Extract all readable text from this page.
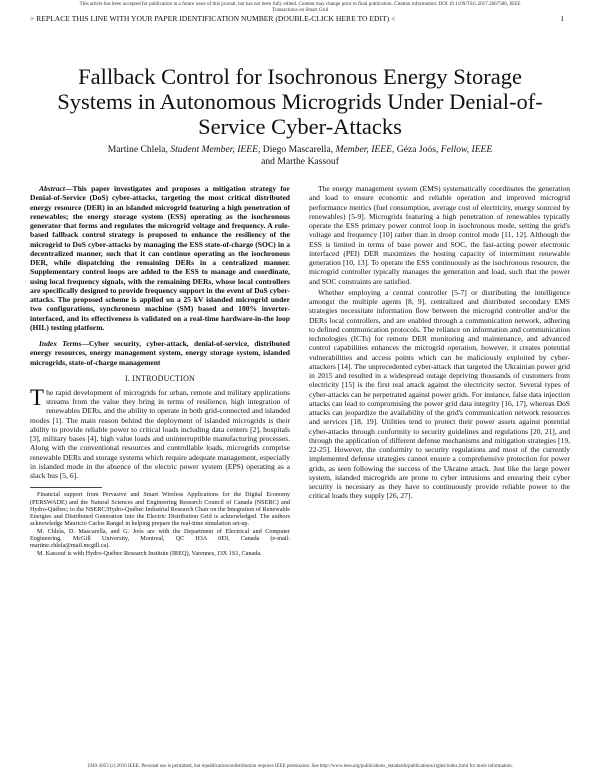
This article has been accepted for publication in a future issue of this journal, but has not been fully edited. Content may change prior to final publication. Citation information: DOI 10.1109/TSG.2017.2667586, IEEE
Transactions on Smart Grid
> REPLACE THIS LINE WITH YOUR PAPER IDENTIFICATION NUMBER (DOUBLE-CLICK HERE TO EDIT) <	1
Fallback Control for Isochronous Energy Storage Systems in Autonomous Microgrids Under Denial-of-Service Cyber-Attacks
Martine Chlela, Student Member, IEEE, Diego Mascarella, Member, IEEE, Géza Joós, Fellow, IEEE
and Marthe Kassouf

Abstract—This paper investigates and proposes a mitigation strategy for Denial-of-Service (DoS) cyber-attacks, targeting the most critical distributed energy resource (DER) in an islanded microgrid featuring a high penetration of renewables; the energy storage system (ESS) operating as the isochronous generator that forms and regulates the microgrid voltage and frequency. A rule-based fallback control strategy is proposed to enhance the resiliency of the microgrid to DoS cyber-attacks by managing the ESS state-of-charge (SOC) in a decentralized manner, such that it can continue operating as the isochronous DER, while dispatching the remaining DERs in a centralized manner. Supplementary control loops are added to the ESS to manage and coordinate, using local frequency signals, with the remaining DERs, whose local controllers are specifically designed to provide frequency support in the event of DoS cyber-attacks. The proposed scheme is applied on a 25 kV islanded microgrid under two configurations, synchronous machine (SM) based and 100% inverter-interfaced, and its effectiveness is validated on a real-time hardware-in-the loop (HIL) testing platform.

Index Terms—Cyber security, cyber-attack, denial-of-service, distributed energy resources, energy management system, energy storage system, islanded microgrids, state-of-charge management

I. INTRODUCTION

The rapid development of microgrids for urban, remote and military applications streams from the value they bring in terms of resilience, high integration of renewables DERs, and the ability to operate in both grid-connected and islanded modes [1]. The main reason behind the deployment of islanded microgrids is their ability to provide reliable power to critical loads including data centers [2], hospitals [3], military bases [4], high value loads and uninterruptible manufacturing processes. Along with the conventional resources and controllable loads, microgrids comprise renewable DERs and storage systems which require adequate management, especially in islanded mode in the absence of the electric power system (EPS) operating as a slack bus [5, 6].

Financial support from Pervasive and Smart Wireless Applications for the Digital Economy (PERSWADE) and the Natural Sciences and Engineering Research Council of Canada (NSERC) and Hydro-Québec; to the NSERC/Hydro-Québec Industrial Research Chair on the Integration of Renewable Energies and Distributed Generation into the Electric Distribution Grid is acknowledged. The authors acknowledge Mauricio Carlos Rangel in helping prepare the real-time simulation set-up.

M. Chlela, D. Mascarella, and G. Joós are with the Department of Electrical and Computer Engineering, McGill University, Montreal, QC H3A 0E9, Canada (e-mail: martine.chlela@mail.mcgill.ca).

M. Kassouf is with Hydro-Québec Research Institute (IREQ), Varennes, J3X 1S1, Canada.

The energy management system (EMS) systematically coordinates the generation and load to ensure economic and reliable operation and improved microgrid performance metrics (fuel consumption, average cost of electricity, energy sourced by renewables) [5-9]. Microgrids featuring a high penetration of renewables typically operate the ESS primary power control loop in isochronous mode, setting the grid's voltage and frequency [10] rather than in droop control mode [11, 12]. Although the ESS is limited in terms of base power and SOC, the fast-acting power electronic interfaced (PEI) DER maximizes the hosting capacity of intermittent renewable generation [10, 13]. To operate the ESS continuously as the isochronous resource, the microgrid controller typically manages the generation and load, such that the power and SOC constraints are satisfied.

Whether employing a central controller [5-7] or distributing the intelligence amongst the multiple agents [8, 9], centralized and distributed secondary EMS strategies necessitate information flow between the microgrid controller and/or the DERs local controllers, and are enabled through a communication network, adhering to defined communication protocols. The reliance on information and communication technologies (ICTs) for remote DER monitoring and maintenance, and advanced control capabilities enhances the microgrid operation, however, it creates potential vulnerabilities and access points which can be maliciously exploited by cyber-attackers [14]. The unprecedented cyber-attack that targeted the Ukrainian power grid in 2015 and resulted in a widespread outage depriving thousands of customers from electricity [15] is the first real attack against the electricity sector. Several types of cyber-attacks can be perpetrated against power grids. For instance, false data injection attacks can lead to compromising the power grid data integrity [16, 17], whereas DoS attacks can jeopardize the availability of the grid's communication network resources and services [18, 19]. Utilities tend to protect their power assets against potential cyber-attacks through conformity to security guidelines and regulations [20, 21], and through the application of different defense mechanisms and mitigation strategies [19, 22-25]. However, the conformity to security regulations and most of the currently implemented defense strategies cannot ensure a comprehensive protection for power grids, as seen following the success of the Ukraine attack. Just like the large power system, islanded microgrids are prone to cyber intrusions and ensuring their cyber security is necessary as they have to continuously provide reliable power to the critical loads they supply [26, 27].

1949-3053 (c) 2016 IEEE. Personal use is permitted, but republication/redistribution requires IEEE permission. See http://www.ieee.org/publications_standards/publications/rights/index.html for more information.
